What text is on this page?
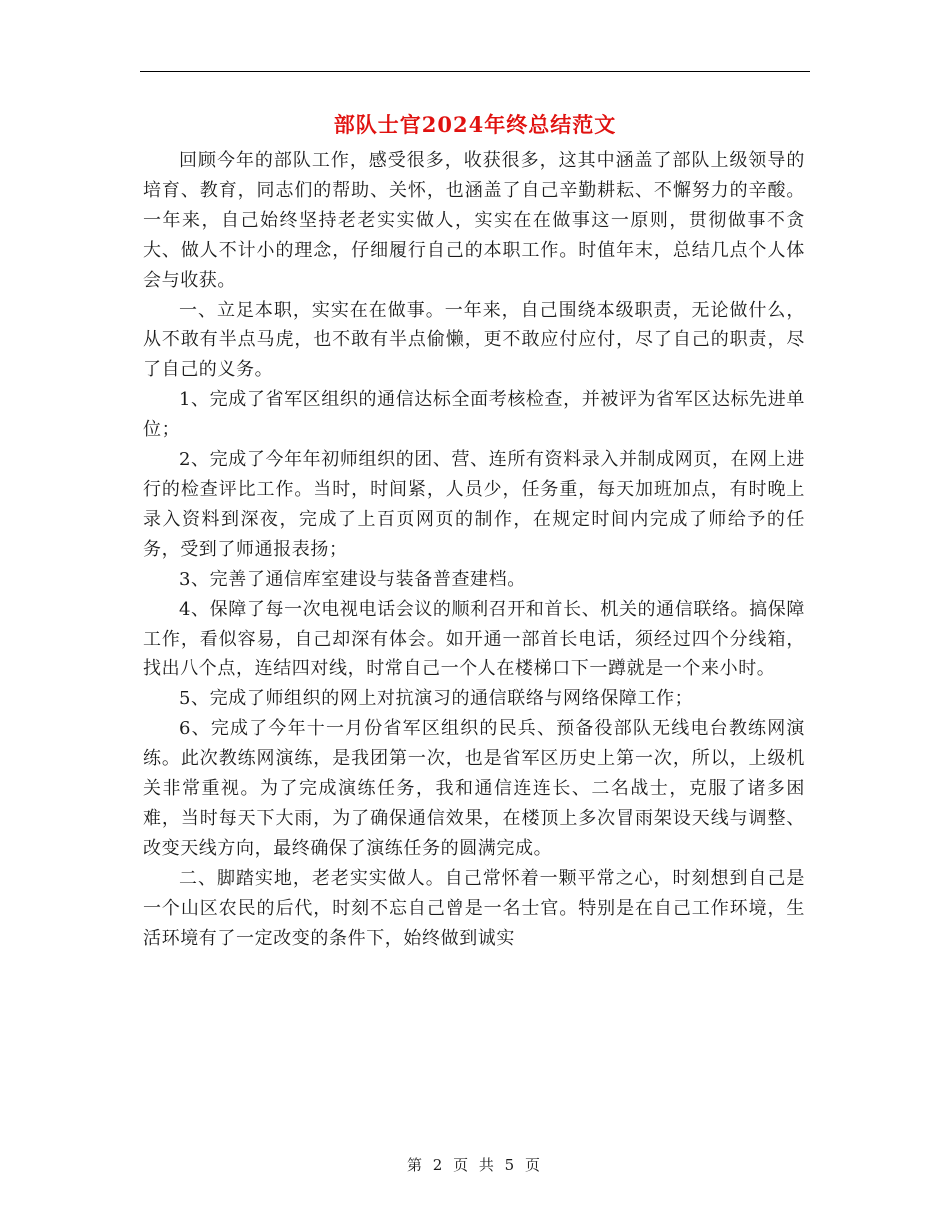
部队士官2024年终总结范文

回顾今年的部队工作，感受很多，收获很多，这其中涵盖了部队上级领导的培育、教育，同志们的帮助、关怀，也涵盖了自己辛勤耕耘、不懈努力的辛酸。一年来，自己始终坚持老老实实做人，实实在在做事这一原则，贯彻做事不贪大、做人不计小的理念，仔细履行自己的本职工作。时值年末，总结几点个人体会与收获。

一、立足本职，实实在在做事。一年来，自己围绕本级职责，无论做什么，从不敢有半点马虎，也不敢有半点偷懒，更不敢应付应付，尽了自己的职责，尽了自己的义务。

1、完成了省军区组织的通信达标全面考核检查，并被评为省军区达标先进单位；

2、完成了今年年初师组织的团、营、连所有资料录入并制成网页，在网上进行的检查评比工作。当时，时间紧，人员少，任务重，每天加班加点，有时晚上录入资料到深夜，完成了上百页网页的制作，在规定时间内完成了师给予的任务，受到了师通报表扬；

3、完善了通信库室建设与装备普查建档。

4、保障了每一次电视电话会议的顺利召开和首长、机关的通信联络。搞保障工作，看似容易，自己却深有体会。如开通一部首长电话，须经过四个分线箱，找出八个点，连结四对线，时常自己一个人在楼梯口下一蹲就是一个来小时。

5、完成了师组织的网上对抗演习的通信联络与网络保障工作；

6、完成了今年十一月份省军区组织的民兵、预备役部队无线电台教练网演练。此次教练网演练，是我团第一次，也是省军区历史上第一次，所以，上级机关非常重视。为了完成演练任务，我和通信连连长、二名战士，克服了诸多困难，当时每天下大雨，为了确保通信效果，在楼顶上多次冒雨架设天线与调整、改变天线方向，最终确保了演练任务的圆满完成。

二、脚踏实地，老老实实做人。自己常怀着一颗平常之心，时刻想到自己是一个山区农民的后代，时刻不忘自己曾是一名士官。特别是在自己工作环境，生活环境有了一定改变的条件下，始终做到诚实

第 2 页 共 5 页
